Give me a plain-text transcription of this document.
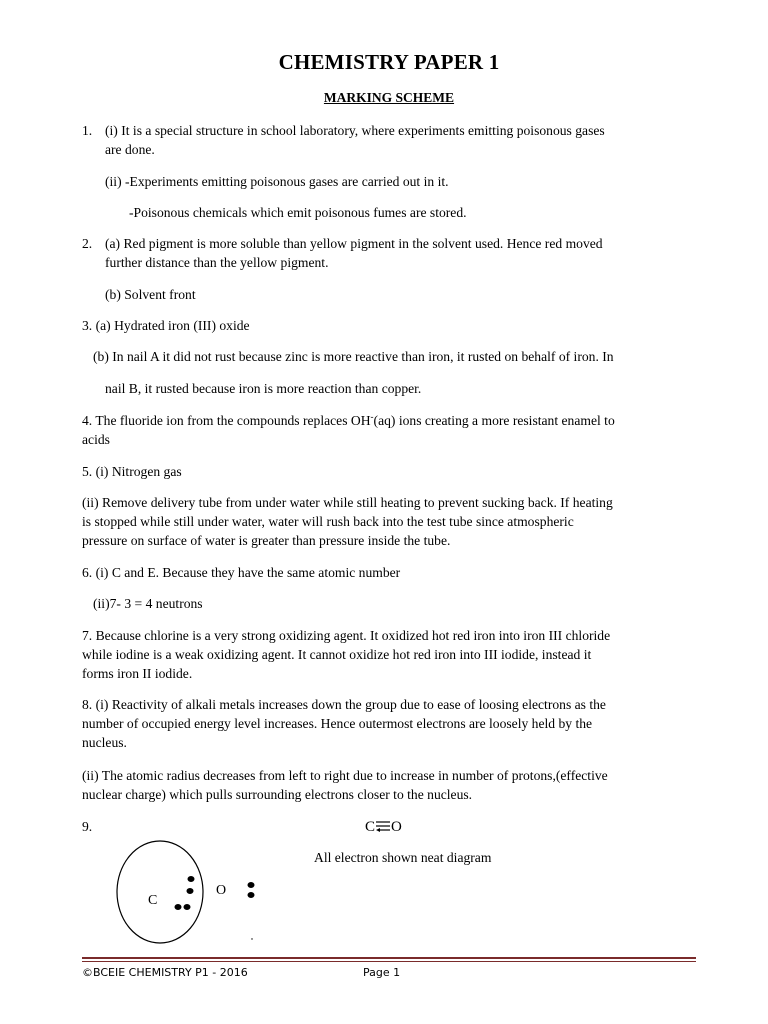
CHEMISTRY PAPER 1
MARKING SCHEME
1. (i) It is a special structure in school laboratory, where experiments emitting poisonous gases
are done.
(ii) -Experiments emitting poisonous gases are carried out in it.
-Poisonous chemicals which emit poisonous fumes are stored.
2. (a) Red pigment is more soluble than yellow pigment in the solvent used. Hence red moved
further distance than the yellow pigment.
(b) Solvent front
3. (a) Hydrated iron (III) oxide
(b) In nail A it did not rust because zinc is more reactive than iron, it rusted on behalf of iron. In
nail B, it rusted because iron is more reaction than copper.
4. The fluoride ion from the compounds replaces OH-(aq) ions creating a more resistant enamel to
acids
5. (i) Nitrogen gas
(ii) Remove delivery tube from under water while still heating to prevent sucking back. If heating
is stopped while still under water, water will rush back into the test tube since atmospheric
pressure on surface of water is greater than pressure inside the tube.
6. (i) C and E. Because they have the same atomic number
(ii)7- 3 = 4 neutrons
7. Because chlorine is a very strong oxidizing agent. It oxidized hot red iron into iron III chloride
while iodine is a weak oxidizing agent. It cannot oxidize hot red iron into III iodide, instead it
forms iron II iodide.
8. (i) Reactivity of alkali metals increases down the group due to ease of loosing electrons as the
number of occupied energy level increases. Hence outermost electrons are loosely held by the
nucleus.
(ii) The atomic radius decreases from left to right due to increase in number of protons,(effective
nuclear charge) which pulls surrounding electrons closer to the nucleus.
9.	C O
All electron shown neat diagram
C
O
©BCEIE CHEMISTRY P1 - 2016	Page 1
